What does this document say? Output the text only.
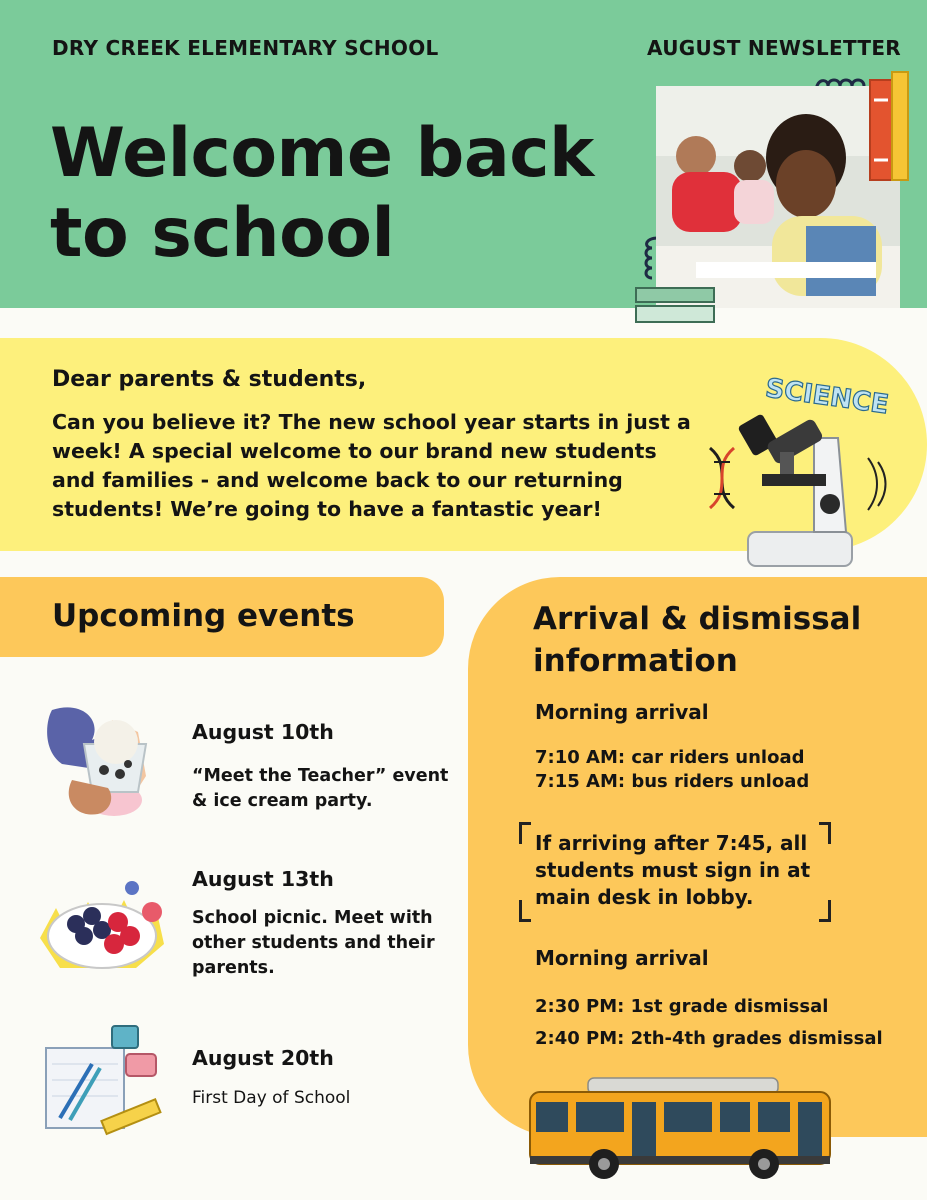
DRY CREEK ELEMENTARY SCHOOL	AUGUST NEWSLETTER
Welcome back to school
Dear parents & students,
Can you believe it? The new school year starts in just a week! A special welcome to our brand new students and families - and welcome back to our returning students! We’re going to have a fantastic year!
SCIENCE
Upcoming events
August 10th
“Meet the Teacher” event & ice cream party.
August 13th
School picnic. Meet with other students and their parents.
August 20th
First Day of School
Arrival & dismissal information
Morning arrival
7:10 AM: car riders unload
7:15 AM: bus riders unload
If arriving after 7:45, all students must sign in at main desk in lobby.
Morning arrival
2:30 PM: 1st grade dismissal
2:40 PM: 2th-4th grades dismissal
